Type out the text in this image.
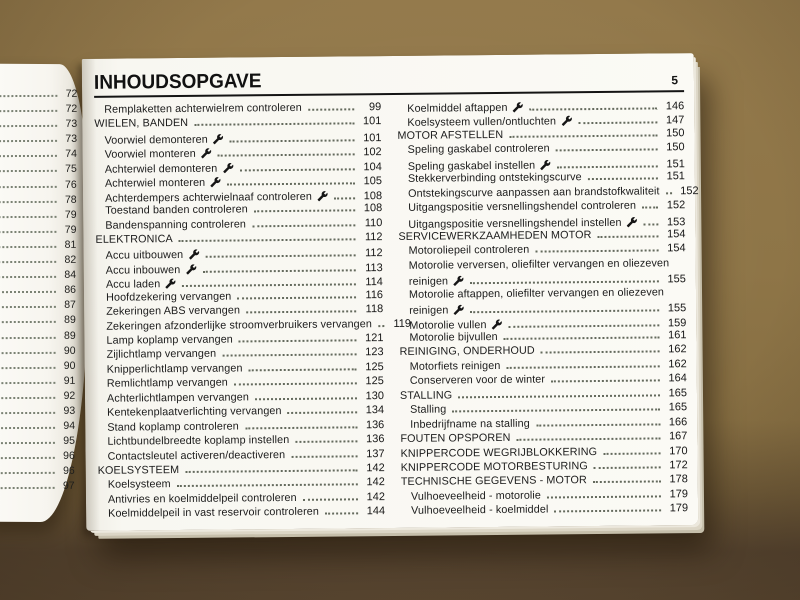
72
72
73
73
74
75
76
78
79
79
81
82
84
86
87
89
89
90
90
91
92
93
94
95
96
96
97
INHOUDSOPGAVE	5
Remplaketten achterwielrem controleren	99
WIELEN, BANDEN	101
Voorwiel demonteren	101
Voorwiel monteren	102
Achterwiel demonteren	104
Achterwiel monteren	105
Achterdempers achterwielnaaf controleren	108
Toestand banden controleren	108
Bandenspanning controleren	110
ELEKTRONICA	112
Accu uitbouwen	112
Accu inbouwen	113
Accu laden	114
Hoofdzekering vervangen	116
Zekeringen ABS vervangen	118
Zekeringen afzonderlijke stroomverbruikers vervangen	119
Lamp koplamp vervangen	121
Zijlichtlamp vervangen	123
Knipperlichtlamp vervangen	125
Remlichtlamp vervangen	125
Achterlichtlampen vervangen	130
Kentekenplaatverlichting vervangen	134
Stand koplamp controleren	136
Lichtbundelbreedte koplamp instellen	136
Contactsleutel activeren/deactiveren	137
KOELSYSTEEM	142
Koelsysteem	142
Antivries en koelmiddelpeil controleren	142
Koelmiddelpeil in vast reservoir controleren	144
Koelmiddel aftappen	146
Koelsysteem vullen/ontluchten	147
MOTOR AFSTELLEN	150
Speling gaskabel controleren	150
Speling gaskabel instellen	151
Stekkerverbinding ontstekingscurve	151
Ontstekingscurve aanpassen aan brandstofkwaliteit	152
Uitgangspositie versnellingshendel controleren	152
Uitgangspositie versnellingshendel instellen	153
SERVICEWERKZAAMHEDEN MOTOR	154
Motoroliepeil controleren	154
Motorolie verversen, oliefilter vervangen en oliezeven
reinigen	155
Motorolie aftappen, oliefilter vervangen en oliezeven
reinigen	155
Motorolie vullen	159
Motorolie bijvullen	161
REINIGING, ONDERHOUD	162
Motorfiets reinigen	162
Conserveren voor de winter	164
STALLING	165
Stalling	165
Inbedrijfname na stalling	166
FOUTEN OPSPOREN	167
KNIPPERCODE WEGRIJBLOKKERING	170
KNIPPERCODE MOTORBESTURING	172
TECHNISCHE GEGEVENS - MOTOR	178
Vulhoeveelheid - motorolie	179
Vulhoeveelheid - koelmiddel	179
